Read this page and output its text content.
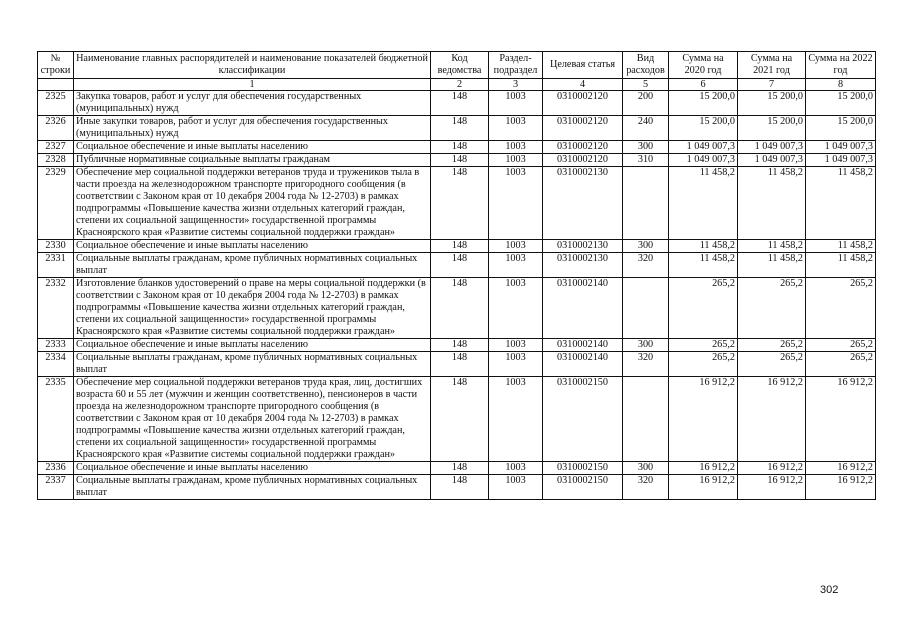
№ строки	Наименование главных распорядителей и наименование показателей бюджетной классификации	Код ведомства	Раздел-подраздел	Целевая статья	Вид расходов	Сумма на 2020 год	Сумма на 2021 год	Сумма на 2022 год
	1	2	3	4	5	6	7	8
2325	Закупка товаров, работ и услуг для обеспечения государственных (муниципальных) нужд	148	1003	0310002120	200	15 200,0	15 200,0	15 200,0
2326	Иные закупки товаров, работ и услуг для обеспечения государственных (муниципальных) нужд	148	1003	0310002120	240	15 200,0	15 200,0	15 200,0
2327	Социальное обеспечение и иные выплаты населению	148	1003	0310002120	300	1 049 007,3	1 049 007,3	1 049 007,3
2328	Публичные нормативные социальные выплаты гражданам	148	1003	0310002120	310	1 049 007,3	1 049 007,3	1 049 007,3
2329	Обеспечение мер социальной поддержки ветеранов труда и тружеников тыла в части проезда на железнодорожном транспорте пригородного сообщения (в соответствии с Законом края от 10 декабря 2004 года № 12-2703) в рамках подпрограммы «Повышение качества жизни отдельных категорий граждан, степени их социальной защищенности» государственной программы Красноярского края «Развитие системы социальной поддержки граждан»	148	1003	0310002130		11 458,2	11 458,2	11 458,2
2330	Социальное обеспечение и иные выплаты населению	148	1003	0310002130	300	11 458,2	11 458,2	11 458,2
2331	Социальные выплаты гражданам, кроме публичных нормативных социальных выплат	148	1003	0310002130	320	11 458,2	11 458,2	11 458,2
2332	Изготовление бланков удостоверений о праве на меры социальной поддержки (в соответствии с Законом края от 10 декабря 2004 года № 12-2703) в рамках подпрограммы «Повышение качества жизни отдельных категорий граждан, степени их социальной защищенности» государственной программы Красноярского края «Развитие системы социальной поддержки граждан»	148	1003	0310002140		265,2	265,2	265,2
2333	Социальное обеспечение и иные выплаты населению	148	1003	0310002140	300	265,2	265,2	265,2
2334	Социальные выплаты гражданам, кроме публичных нормативных социальных выплат	148	1003	0310002140	320	265,2	265,2	265,2
2335	Обеспечение мер социальной поддержки ветеранов труда края, лиц, достигших возраста 60 и 55 лет (мужчин и женщин соответственно), пенсионеров в части проезда на железнодорожном транспорте пригородного сообщения (в соответствии с Законом края от 10 декабря 2004 года № 12-2703) в рамках подпрограммы «Повышение качества жизни отдельных категорий граждан, степени их социальной защищенности» государственной программы Красноярского края «Развитие системы социальной поддержки граждан»	148	1003	0310002150		16 912,2	16 912,2	16 912,2
2336	Социальное обеспечение и иные выплаты населению	148	1003	0310002150	300	16 912,2	16 912,2	16 912,2
2337	Социальные выплаты гражданам, кроме публичных нормативных социальных выплат	148	1003	0310002150	320	16 912,2	16 912,2	16 912,2
302
